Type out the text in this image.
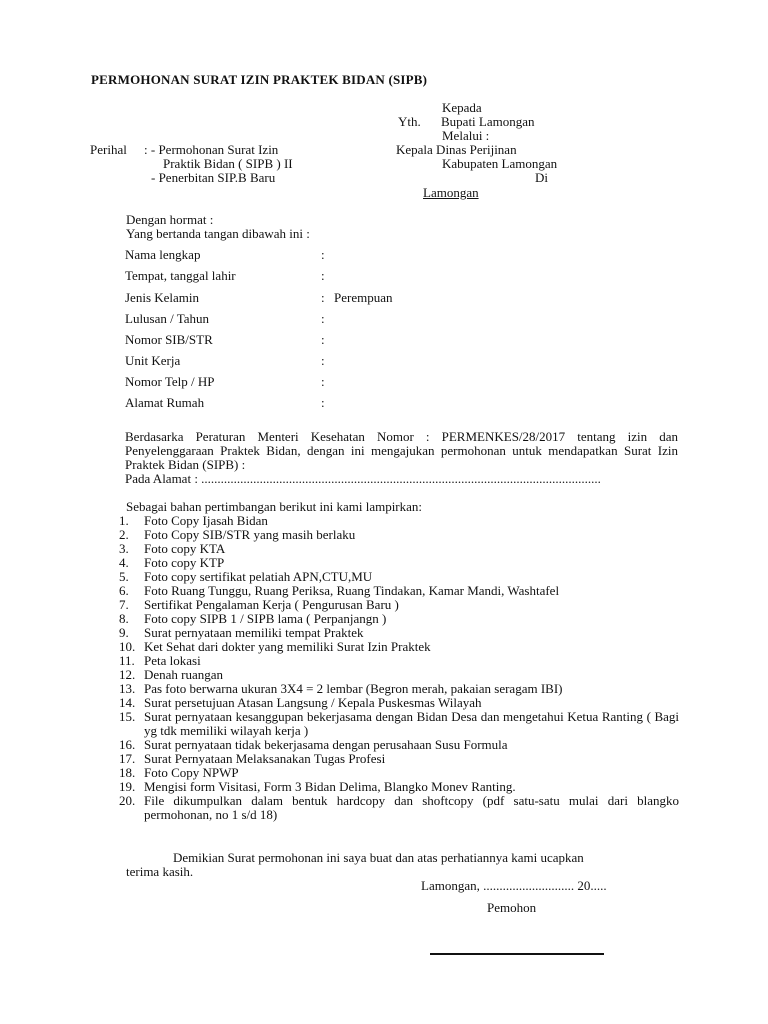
PERMOHONAN SURAT IZIN PRAKTEK BIDAN (SIPB)
Kepada
Yth. Bupati Lamongan
Melalui :
Kepala Dinas Perijinan
Kabupaten Lamongan
Di
Lamongan
Perihal : - Permohonan Surat Izin
Praktik Bidan ( SIPB ) II
- Penerbitan SIP.B Baru
Dengan hormat :
Yang bertanda tangan dibawah ini :
Nama lengkap	:
Tempat, tanggal lahir	:
Jenis Kelamin	: Perempuan
Lulusan / Tahun	:
Nomor SIB/STR	:
Unit Kerja	:
Nomor Telp / HP	:
Alamat Rumah	:
Berdasarka Peraturan Menteri Kesehatan Nomor : PERMENKES/28/2017 tentang izin dan Penyelenggaraan Praktek Bidan, dengan ini mengajukan permohonan untuk mendapatkan Surat Izin Praktek Bidan (SIPB) :
Pada Alamat : ...........................................................................................................................
Sebagai bahan pertimbangan berikut ini kami lampirkan:
1.	Foto Copy Ijasah Bidan
2.	Foto Copy SIB/STR yang masih berlaku
3.	Foto copy KTA
4.	Foto copy KTP
5.	Foto copy sertifikat pelatiah APN,CTU,MU
6.	Foto Ruang Tunggu, Ruang Periksa, Ruang Tindakan, Kamar Mandi, Washtafel
7.	Sertifikat Pengalaman Kerja ( Pengurusan Baru )
8.	Foto copy SIPB 1 / SIPB lama ( Perpanjangn )
9.	Surat pernyataan memiliki tempat Praktek
10. Ket Sehat dari dokter yang memiliki Surat Izin Praktek
11. Peta lokasi
12. Denah ruangan
13. Pas foto berwarna ukuran 3X4 = 2 lembar (Begron merah, pakaian seragam IBI)
14. Surat persetujuan Atasan Langsung / Kepala Puskesmas Wilayah
15. Surat pernyataan kesanggupan bekerjasama dengan Bidan Desa dan mengetahui Ketua Ranting ( Bagi yg tdk memiliki wilayah kerja )
16. Surat pernyataan tidak bekerjasama dengan perusahaan Susu Formula
17. Surat Pernyataan Melaksanakan Tugas Profesi
18. Foto Copy NPWP
19. Mengisi form Visitasi, Form 3 Bidan Delima, Blangko Monev Ranting.
20. File dikumpulkan dalam bentuk hardcopy dan shoftcopy (pdf satu-satu mulai dari blangko permohonan, no 1 s/d 18)
Demikian Surat permohonan ini saya buat dan atas perhatiannya kami ucapkan
terima kasih.
Lamongan, ............................ 20.....
Pemohon
